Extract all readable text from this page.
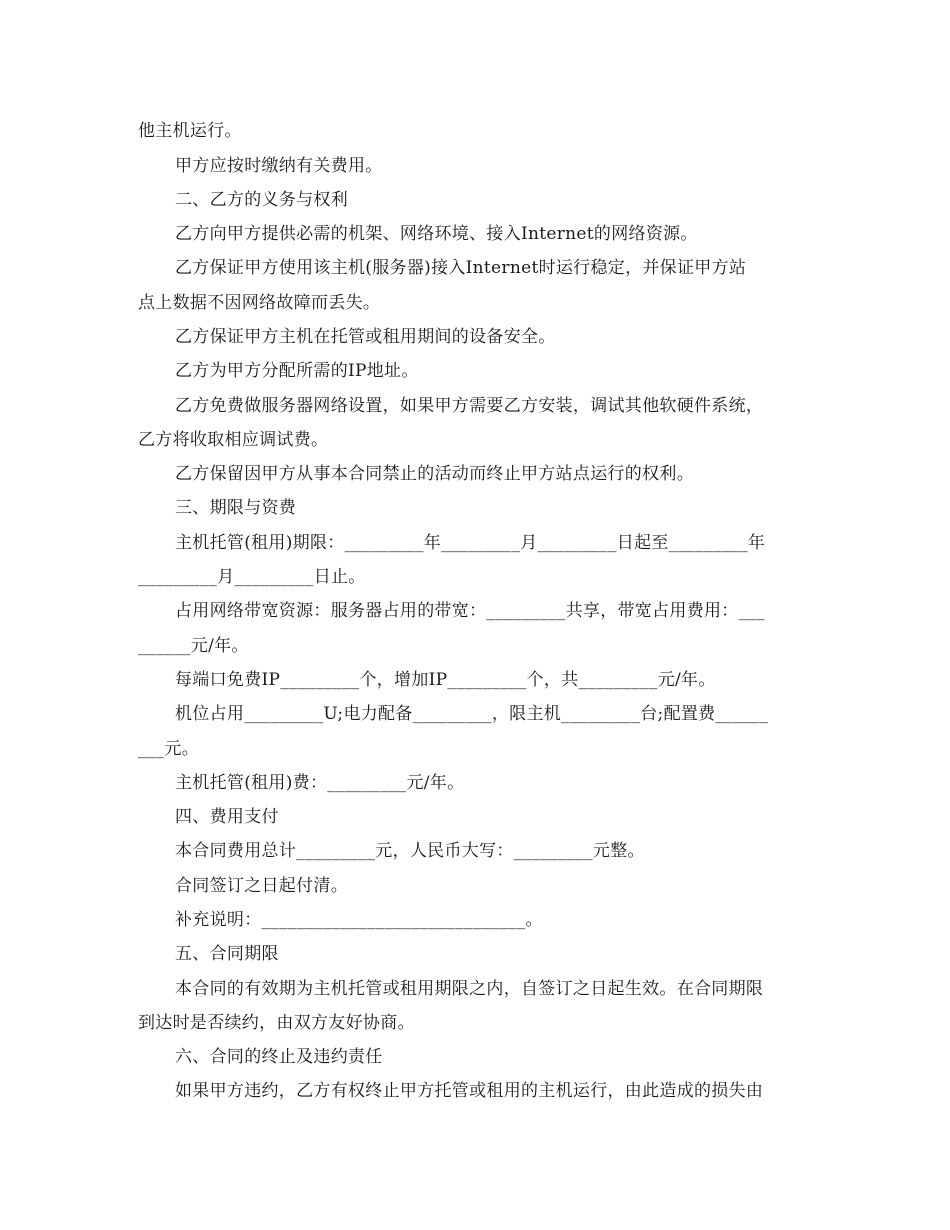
他主机运行。
甲方应按时缴纳有关费用。
二、乙方的义务与权利
乙方向甲方提供必需的机架、网络环境、接入Internet的网络资源。
乙方保证甲方使用该主机(服务器)接入Internet时运行稳定，并保证甲方站
点上数据不因网络故障而丢失。
乙方保证甲方主机在托管或租用期间的设备安全。
乙方为甲方分配所需的IP地址。
乙方免费做服务器网络设置，如果甲方需要乙方安装，调试其他软硬件系统，
乙方将收取相应调试费。
乙方保留因甲方从事本合同禁止的活动而终止甲方站点运行的权利。
三、期限与资费
主机托管(租用)期限：_________年_________月_________日起至_________年
_________月_________日止。
占用网络带宽资源：服务器占用的带宽：_________共享，带宽占用费用：___
______元/年。
每端口免费IP_________个，增加IP_________个，共_________元/年。
机位占用_________U;电力配备_________，限主机_________台;配置费______
___元。
主机托管(租用)费：_________元/年。
四、费用支付
本合同费用总计_________元，人民币大写：_________元整。
合同签订之日起付清。
补充说明：______________________________。
五、合同期限
本合同的有效期为主机托管或租用期限之内，自签订之日起生效。在合同期限
到达时是否续约，由双方友好协商。
六、合同的终止及违约责任
如果甲方违约，乙方有权终止甲方托管或租用的主机运行，由此造成的损失由
